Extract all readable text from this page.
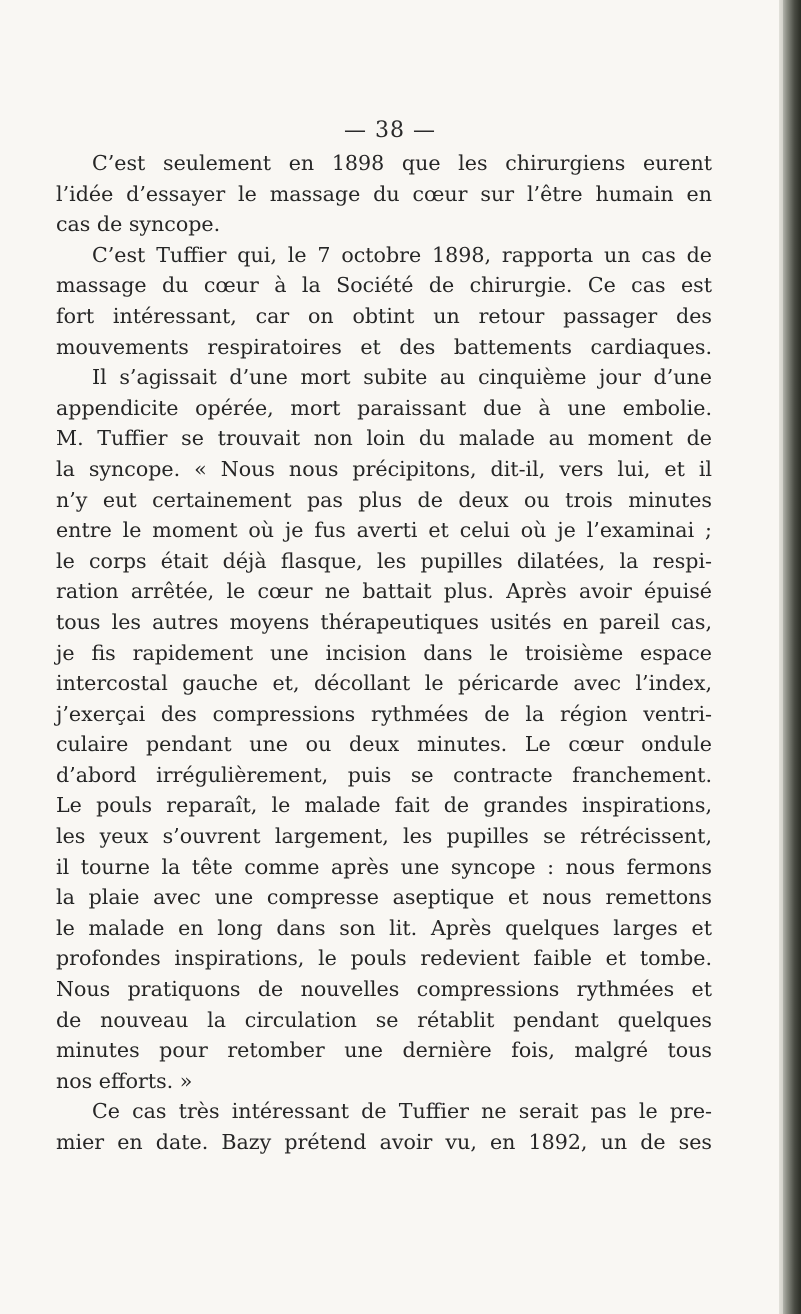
— 38 —
C’est seulement en 1898 que les chirurgiens eurent
l’idée d’essayer le massage du cœur sur l’être humain en
cas de syncope.
C’est Tuffier qui, le 7 octobre 1898, rapporta un cas de
massage du cœur à la Société de chirurgie. Ce cas est
fort intéressant, car on obtint un retour passager des
mouvements respiratoires et des battements cardiaques.
Il s’agissait d’une mort subite au cinquième jour d’une
appendicite opérée, mort paraissant due à une embolie.
M. Tuffier se trouvait non loin du malade au moment de
la syncope. « Nous nous précipitons, dit-il, vers lui, et il
n’y eut certainement pas plus de deux ou trois minutes
entre le moment où je fus averti et celui où je l’examinai ;
le corps était déjà flasque, les pupilles dilatées, la respi-
ration arrêtée, le cœur ne battait plus. Après avoir épuisé
tous les autres moyens thérapeutiques usités en pareil cas,
je fis rapidement une incision dans le troisième espace
intercostal gauche et, décollant le péricarde avec l’index,
j’exerçai des compressions rythmées de la région ventri-
culaire pendant une ou deux minutes. Le cœur ondule
d’abord irrégulièrement, puis se contracte franchement.
Le pouls reparaît, le malade fait de grandes inspirations,
les yeux s’ouvrent largement, les pupilles se rétrécissent,
il tourne la tête comme après une syncope : nous fermons
la plaie avec une compresse aseptique et nous remettons
le malade en long dans son lit. Après quelques larges et
profondes inspirations, le pouls redevient faible et tombe.
Nous pratiquons de nouvelles compressions rythmées et
de nouveau la circulation se rétablit pendant quelques
minutes pour retomber une dernière fois, malgré tous
nos efforts. »
Ce cas très intéressant de Tuffier ne serait pas le pre-
mier en date. Bazy prétend avoir vu, en 1892, un de ses
